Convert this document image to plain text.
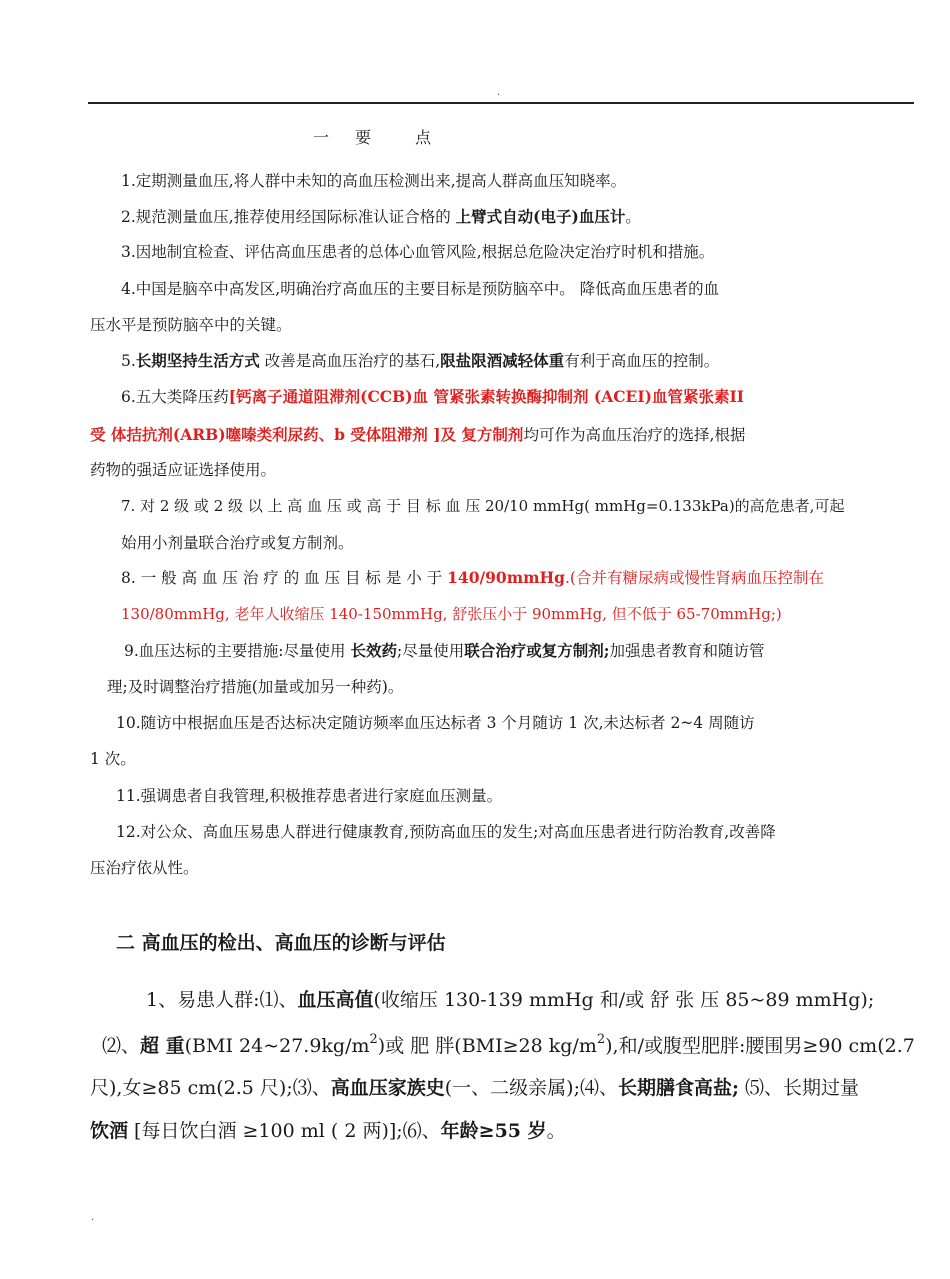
.
一 要	点
1.定期测量血压,将人群中未知的高血压检测出来,提高人群高血压知晓率。
2.规范测量血压,推荐使用经国际标准认证合格的 上臂式自动(电子)血压计。
3.因地制宜检查、评估高血压患者的总体心血管风险,根据总危险决定治疗时机和措施。
4.中国是脑卒中高发区,明确治疗高血压的主要目标是预防脑卒中。 降低高血压患者的血
压水平是预防脑卒中的关键。
5.长期坚持生活方式 改善是高血压治疗的基石,限盐限酒减轻体重有利于高血压的控制。
6.五大类降压药[钙离子通道阻滞剂(CCB)血 管紧张素转换酶抑制剂 (ACEI)血管紧张素II
受 体拮抗剂(ARB)噻嗪类利尿药、b 受体阻滞剂 ]及 复方制剂均可作为高血压治疗的选择,根据
药物的强适应证选择使用。
7. 对 2 级 或 2 级 以 上 高 血 压 或 高 于 目 标 血 压 20/10 mmHg( mmHg=0.133kPa)的高危患者,可起
始用小剂量联合治疗或复方制剂。
8. 一 般 高 血 压 治 疗 的 血 压 目 标 是 小 于 140/90mmHg.(合并有糖尿病或慢性肾病血压控制在
130/80mmHg, 老年人收缩压 140-150mmHg, 舒张压小于 90mmHg, 但不低于 65-70mmHg;)
9.血压达标的主要措施:尽量使用 长效药;尽量使用联合治疗或复方制剂;加强患者教育和随访管
理;及时调整治疗措施(加量或加另一种药)。
10.随访中根据血压是否达标决定随访频率血压达标者 3 个月随访 1 次,未达标者 2~4 周随访
1 次。
11.强调患者自我管理,积极推荐患者进行家庭血压测量。
12.对公众、高血压易患人群进行健康教育,预防高血压的发生;对高血压患者进行防治教育,改善降
压治疗依从性。
二 高血压的检出、高血压的诊断与评估
1、易患人群:⑴、血压高值(收缩压 130-139 mmHg 和/或 舒 张 压 85~89 mmHg);
⑵、超 重(BMI $24\sim 27.9kg/m^2$)或 肥 胖(BMI≥28 $kg/m^2$),和/或腹型肥胖:腰围男≥90 cm(2.7
尺),女≥85 cm(2.5 尺);⑶、高血压家族史(一、二级亲属);⑷、长期膳食高盐; ⑸、长期过量
饮酒 [每日饮白酒 ≥100 ml ( 2 两)];⑹、年龄≥55 岁。
.
